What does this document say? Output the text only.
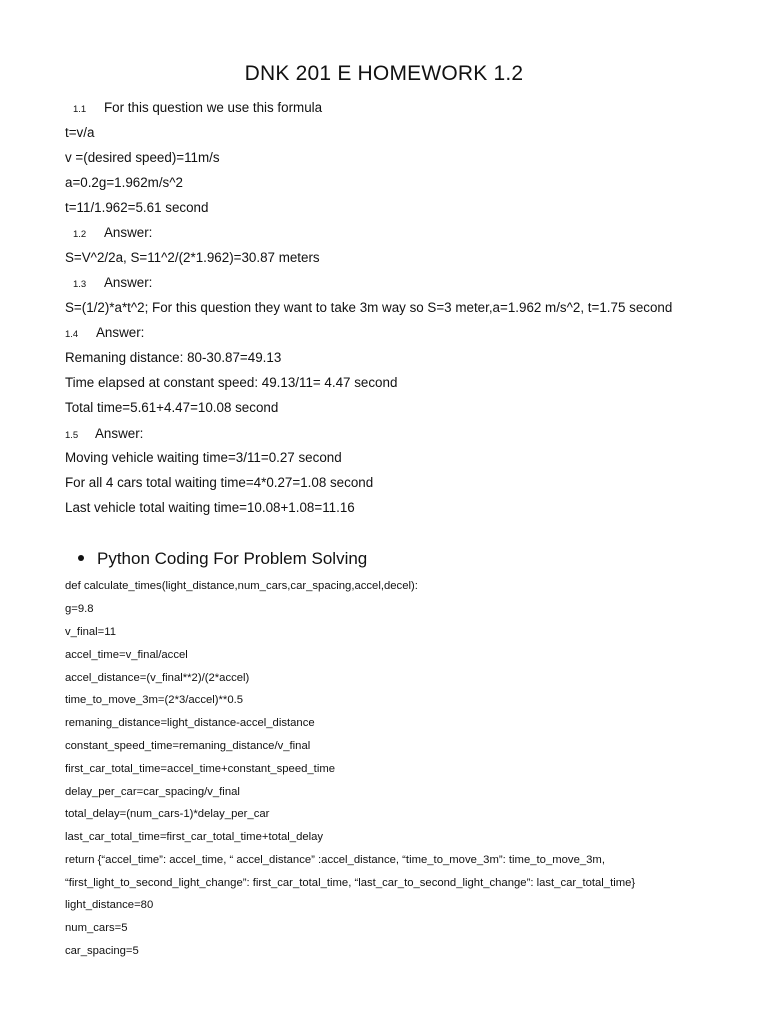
DNK 201 E HOMEWORK 1.2
1.1 For this question we use this formula
t=v/a
v =(desired speed)=11m/s
a=0.2g=1.962m/s^2
t=11/1.962=5.61 second
1.2 Answer:
S=V^2/2a, S=11^2/(2*1.962)=30.87 meters
1.3 Answer:
S=(1/2)*a*t^2; For this question they want to take 3m way so S=3 meter,a=1.962 m/s^2, t=1.75 second
1.4 Answer:
Remaning distance: 80-30.87=49.13
Time elapsed at constant speed: 49.13/11= 4.47 second
Total time=5.61+4.47=10.08 second
1.5 Answer:
Moving vehicle waiting time=3/11=0.27 second
For all 4 cars total waiting time=4*0.27=1.08 second
Last vehicle total waiting time=10.08+1.08=11.16
Python Coding For Problem Solving
def calculate_times(light_distance,num_cars,car_spacing,accel,decel):
g=9.8
v_final=11
accel_time=v_final/accel
accel_distance=(v_final**2)/(2*accel)
time_to_move_3m=(2*3/accel)**0.5
remaning_distance=light_distance-accel_distance
constant_speed_time=remaning_distance/v_final
first_car_total_time=accel_time+constant_speed_time
delay_per_car=car_spacing/v_final
total_delay=(num_cars-1)*delay_per_car
last_car_total_time=first_car_total_time+total_delay
return {“accel_time”: accel_time, “ accel_distance” :accel_distance, “time_to_move_3m”: time_to_move_3m,
“first_light_to_second_light_change”: first_car_total_time, “last_car_to_second_light_change”: last_car_total_time}
light_distance=80
num_cars=5
car_spacing=5
